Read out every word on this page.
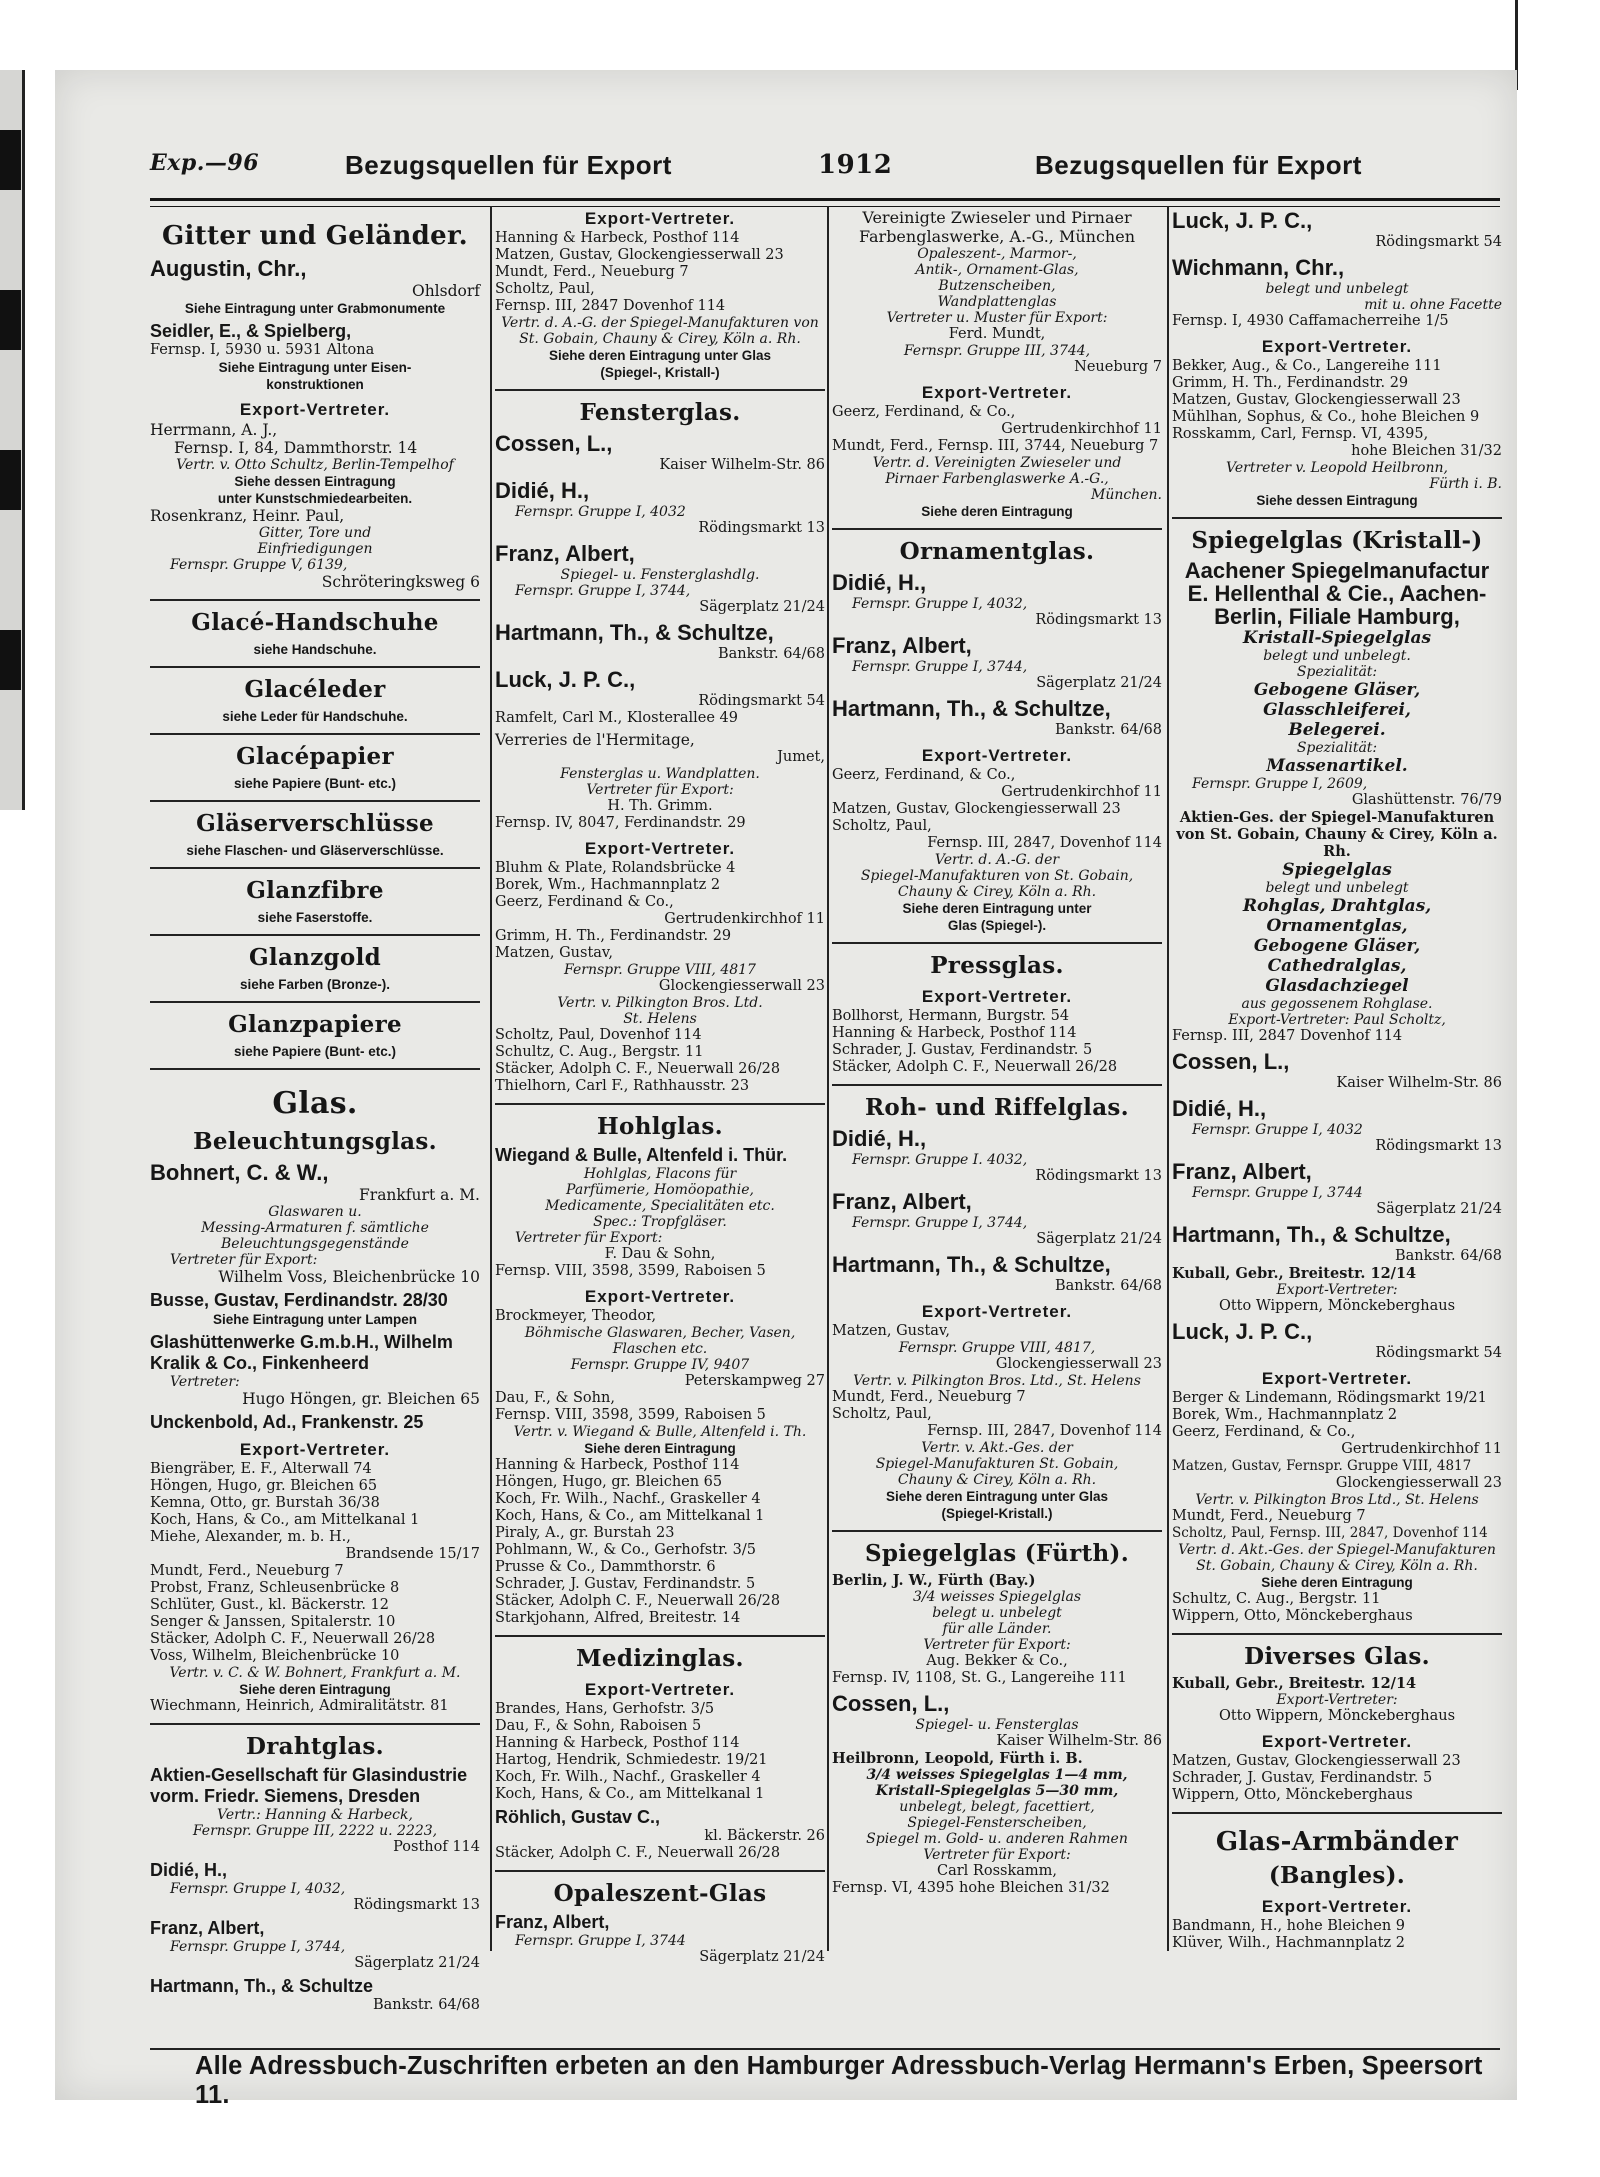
Exp.—96	Bezugsquellen für Export	1912	Bezugsquellen für Export
Gitter und Geländer.
Augustin, Chr.,
Ohlsdorf
Siehe Eintragung unter Grabmonumente
Seidler, E., & Spielberg,
Fernsp. I, 5930 u. 5931 Altona
Siehe Eintragung unter Eisen-
konstruktionen
Export-Vertreter.
Herrmann, A. J.,
Fernsp. I, 84, Dammthorstr. 14
Vertr. v. Otto Schultz, Berlin-Tempelhof
Siehe dessen Eintragung
unter Kunstschmiedearbeiten.
Rosenkranz, Heinr. Paul,
Gitter, Tore und
Einfriedigungen
Fernspr. Gruppe V, 6139,
Schröteringksweg 6
Glacé-Handschuhe
siehe Handschuhe.
Glacéleder
siehe Leder für Handschuhe.
Glacépapier
siehe Papiere (Bunt- etc.)
Gläserverschlüsse
siehe Flaschen- und Gläserverschlüsse.
Glanzfibre
siehe Faserstoffe.
Glanzgold
siehe Farben (Bronze-).
Glanzpapiere
siehe Papiere (Bunt- etc.)
Glas.
Beleuchtungsglas.
Bohnert, C. & W.,
Frankfurt a. M.
Glaswaren u.
Messing-Armaturen f. sämtliche
Beleuchtungsgegenstände
Vertreter für Export:
Wilhelm Voss, Bleichenbrücke 10
Busse, Gustav, Ferdinandstr. 28/30
Siehe Eintragung unter Lampen
Glashüttenwerke G.m.b.H., Wilhelm Kralik & Co., Finkenheerd
Vertreter:
Hugo Höngen, gr. Bleichen 65
Unckenbold, Ad., Frankenstr. 25
Export-Vertreter.
Biengräber, E. F., Alterwall 74
Höngen, Hugo, gr. Bleichen 65
Kemna, Otto, gr. Burstah 36/38
Koch, Hans, & Co., am Mittelkanal 1
Miehe, Alexander, m. b. H.,
Brandsende 15/17
Mundt, Ferd., Neueburg 7
Probst, Franz, Schleusenbrücke 8
Schlüter, Gust., kl. Bäckerstr. 12
Senger & Janssen, Spitalerstr. 10
Stäcker, Adolph C. F., Neuerwall 26/28
Voss, Wilhelm, Bleichenbrücke 10
Vertr. v. C. & W. Bohnert, Frankfurt a. M.
Siehe deren Eintragung
Wiechmann, Heinrich, Admiralitätstr. 81
Drahtglas.
Aktien-Gesellschaft für Glasindustrie vorm. Friedr. Siemens, Dresden
Vertr.: Hanning & Harbeck,
Fernspr. Gruppe III, 2222 u. 2223,
Posthof 114
Didié, H.,
Fernspr. Gruppe I, 4032,
Rödingsmarkt 13
Franz, Albert,
Fernspr. Gruppe I, 3744,
Sägerplatz 21/24
Hartmann, Th., & Schultze
Bankstr. 64/68
Export-Vertreter.
Hanning & Harbeck, Posthof 114
Matzen, Gustav, Glockengiesserwall 23
Mundt, Ferd., Neueburg 7
Scholtz, Paul,
Fernsp. III, 2847 Dovenhof 114
Vertr. d. A.-G. der Spiegel-Manufakturen von St. Gobain, Chauny & Cirey, Köln a. Rh.
Siehe deren Eintragung unter Glas
(Spiegel-, Kristall-)
Fensterglas.
Cossen, L.,
Kaiser Wilhelm-Str. 86
Didié, H.,
Fernspr. Gruppe I, 4032
Rödingsmarkt 13
Franz, Albert,
Spiegel- u. Fensterglashdlg.
Fernspr. Gruppe I, 3744,
Sägerplatz 21/24
Hartmann, Th., & Schultze,
Bankstr. 64/68
Luck, J. P. C.,
Rödingsmarkt 54
Ramfelt, Carl M., Klosterallee 49
Verreries de l'Hermitage,
Jumet,
Fensterglas u. Wandplatten.
Vertreter für Export:
H. Th. Grimm.
Fernsp. IV, 8047, Ferdinandstr. 29
Export-Vertreter.
Bluhm & Plate, Rolandsbrücke 4
Borek, Wm., Hachmannplatz 2
Geerz, Ferdinand & Co.,
Gertrudenkirchhof 11
Grimm, H. Th., Ferdinandstr. 29
Matzen, Gustav,
Fernspr. Gruppe VIII, 4817
Glockengiesserwall 23
Vertr. v. Pilkington Bros. Ltd.
St. Helens
Scholtz, Paul, Dovenhof 114
Schultz, C. Aug., Bergstr. 11
Stäcker, Adolph C. F., Neuerwall 26/28
Thielhorn, Carl F., Rathhausstr. 23
Hohlglas.
Wiegand & Bulle, Altenfeld i. Thür.
Hohlglas, Flacons für
Parfümerie, Homöopathie,
Medicamente, Specialitäten etc.
Spec.: Tropfgläser.
Vertreter für Export:
F. Dau & Sohn,
Fernsp. VIII, 3598, 3599, Raboisen 5
Export-Vertreter.
Brockmeyer, Theodor,
Böhmische Glaswaren, Becher, Vasen,
Flaschen etc.
Fernspr. Gruppe IV, 9407
Peterskampweg 27
Dau, F., & Sohn,
Fernsp. VIII, 3598, 3599, Raboisen 5
Vertr. v. Wiegand & Bulle, Altenfeld i. Th.
Siehe deren Eintragung
Hanning & Harbeck, Posthof 114
Höngen, Hugo, gr. Bleichen 65
Koch, Fr. Wilh., Nachf., Graskeller 4
Koch, Hans, & Co., am Mittelkanal 1
Piraly, A., gr. Burstah 23
Pohlmann, W., & Co., Gerhofstr. 3/5
Prusse & Co., Dammthorstr. 6
Schrader, J. Gustav, Ferdinandstr. 5
Stäcker, Adolph C. F., Neuerwall 26/28
Starkjohann, Alfred, Breitestr. 14
Medizinglas.
Export-Vertreter.
Brandes, Hans, Gerhofstr. 3/5
Dau, F., & Sohn, Raboisen 5
Hanning & Harbeck, Posthof 114
Hartog, Hendrik, Schmiedestr. 19/21
Koch, Fr. Wilh., Nachf., Graskeller 4
Koch, Hans, & Co., am Mittelkanal 1
Röhlich, Gustav C.,
kl. Bäckerstr. 26
Stäcker, Adolph C. F., Neuerwall 26/28
Opaleszent-Glas
Franz, Albert,
Fernspr. Gruppe I, 3744
Sägerplatz 21/24
Vereinigte Zwieseler und Pirnaer Farbenglaswerke, A.-G., München
Opaleszent-, Marmor-,
Antik-, Ornament-Glas,
Butzenscheiben,
Wandplattenglas
Vertreter u. Muster für Export:
Ferd. Mundt,
Fernspr. Gruppe III, 3744,
Neueburg 7
Export-Vertreter.
Geerz, Ferdinand, & Co.,
Gertrudenkirchhof 11
Mundt, Ferd., Fernsp. III, 3744, Neueburg 7
Vertr. d. Vereinigten Zwieseler und
Pirnaer Farbenglaswerke A.-G.,
München.
Siehe deren Eintragung
Ornamentglas.
Didié, H.,
Fernspr. Gruppe I, 4032,
Rödingsmarkt 13
Franz, Albert,
Fernspr. Gruppe I, 3744,
Sägerplatz 21/24
Hartmann, Th., & Schultze,
Bankstr. 64/68
Export-Vertreter.
Geerz, Ferdinand, & Co.,
Gertrudenkirchhof 11
Matzen, Gustav, Glockengiesserwall 23
Scholtz, Paul,
Fernsp. III, 2847, Dovenhof 114
Vertr. d. A.-G. der
Spiegel-Manufakturen von St. Gobain,
Chauny & Cirey, Köln a. Rh.
Siehe deren Eintragung unter
Glas (Spiegel-).
Pressglas.
Export-Vertreter.
Bollhorst, Hermann, Burgstr. 54
Hanning & Harbeck, Posthof 114
Schrader, J. Gustav, Ferdinandstr. 5
Stäcker, Adolph C. F., Neuerwall 26/28
Roh- und Riffelglas.
Didié, H.,
Fernspr. Gruppe I. 4032,
Rödingsmarkt 13
Franz, Albert,
Fernspr. Gruppe I, 3744,
Sägerplatz 21/24
Hartmann, Th., & Schultze,
Bankstr. 64/68
Export-Vertreter.
Matzen, Gustav,
Fernspr. Gruppe VIII, 4817,
Glockengiesserwall 23
Vertr. v. Pilkington Bros. Ltd., St. Helens
Mundt, Ferd., Neueburg 7
Scholtz, Paul,
Fernsp. III, 2847, Dovenhof 114
Vertr. v. Akt.-Ges. der
Spiegel-Manufakturen St. Gobain,
Chauny & Cirey, Köln a. Rh.
Siehe deren Eintragung unter Glas
(Spiegel-Kristall.)
Spiegelglas (Fürth).
Berlin, J. W., Fürth (Bay.)
3/4 weisses Spiegelglas
belegt u. unbelegt
für alle Länder.
Vertreter für Export:
Aug. Bekker & Co.,
Fernsp. IV, 1108, St. G., Langereihe 111
Cossen, L.,
Spiegel- u. Fensterglas
Kaiser Wilhelm-Str. 86
Heilbronn, Leopold, Fürth i. B.
3/4 weisses Spiegelglas 1—4 mm,
Kristall-Spiegelglas 5—30 mm,
unbelegt, belegt, facettiert,
Spiegel-Fensterscheiben,
Spiegel m. Gold- u. anderen Rahmen
Vertreter für Export:
Carl Rosskamm,
Fernsp. VI, 4395 hohe Bleichen 31/32
Luck, J. P. C.,
Rödingsmarkt 54
Wichmann, Chr.,
belegt und unbelegt
mit u. ohne Facette
Fernsp. I, 4930 Caffamacherreihe 1/5
Export-Vertreter.
Bekker, Aug., & Co., Langereihe 111
Grimm, H. Th., Ferdinandstr. 29
Matzen, Gustav, Glockengiesserwall 23
Mühlhan, Sophus, & Co., hohe Bleichen 9
Rosskamm, Carl, Fernsp. VI, 4395,
hohe Bleichen 31/32
Vertreter v. Leopold Heilbronn,
Fürth i. B.
Siehe dessen Eintragung
Spiegelglas (Kristall-)
Aachener Spiegelmanufactur E. Hellenthal & Cie., Aachen-Berlin, Filiale Hamburg,
Kristall-Spiegelglas
belegt und unbelegt.
Spezialität:
Gebogene Gläser,
Glasschleiferei,
Belegerei.
Spezialität:
Massenartikel.
Fernspr. Gruppe I, 2609,
Glashüttenstr. 76/79
Aktien-Ges. der Spiegel-Manufakturen von St. Gobain, Chauny & Cirey, Köln a. Rh.
Spiegelglas
belegt und unbelegt
Rohglas, Drahtglas,
Ornamentglas,
Gebogene Gläser,
Cathedralglas,
Glasdachziegel
aus gegossenem Rohglase.
Export-Vertreter: Paul Scholtz,
Fernsp. III, 2847 Dovenhof 114
Cossen, L.,
Kaiser Wilhelm-Str. 86
Didié, H.,
Fernspr. Gruppe I, 4032
Rödingsmarkt 13
Franz, Albert,
Fernspr. Gruppe I, 3744
Sägerplatz 21/24
Hartmann, Th., & Schultze,
Bankstr. 64/68
Kuball, Gebr., Breitestr. 12/14
Export-Vertreter:
Otto Wippern, Mönckeberghaus
Luck, J. P. C.,
Rödingsmarkt 54
Export-Vertreter.
Berger & Lindemann, Rödingsmarkt 19/21
Borek, Wm., Hachmannplatz 2
Geerz, Ferdinand, & Co.,
Gertrudenkirchhof 11
Matzen, Gustav, Fernspr. Gruppe VIII, 4817
Glockengiesserwall 23
Vertr. v. Pilkington Bros Ltd., St. Helens
Mundt, Ferd., Neueburg 7
Scholtz, Paul, Fernsp. III, 2847, Dovenhof 114
Vertr. d. Akt.-Ges. der Spiegel-Manufakturen St. Gobain, Chauny & Cirey, Köln a. Rh.
Siehe deren Eintragung
Schultz, C. Aug., Bergstr. 11
Wippern, Otto, Mönckeberghaus
Diverses Glas.
Kuball, Gebr., Breitestr. 12/14
Export-Vertreter:
Otto Wippern, Mönckeberghaus
Export-Vertreter.
Matzen, Gustav, Glockengiesserwall 23
Schrader, J. Gustav, Ferdinandstr. 5
Wippern, Otto, Mönckeberghaus
Glas-Armbänder
(Bangles).
Export-Vertreter.
Bandmann, H., hohe Bleichen 9
Klüver, Wilh., Hachmannplatz 2
Alle Adressbuch-Zuschriften erbeten an den Hamburger Adressbuch-Verlag Hermann's Erben, Speersort 11.
